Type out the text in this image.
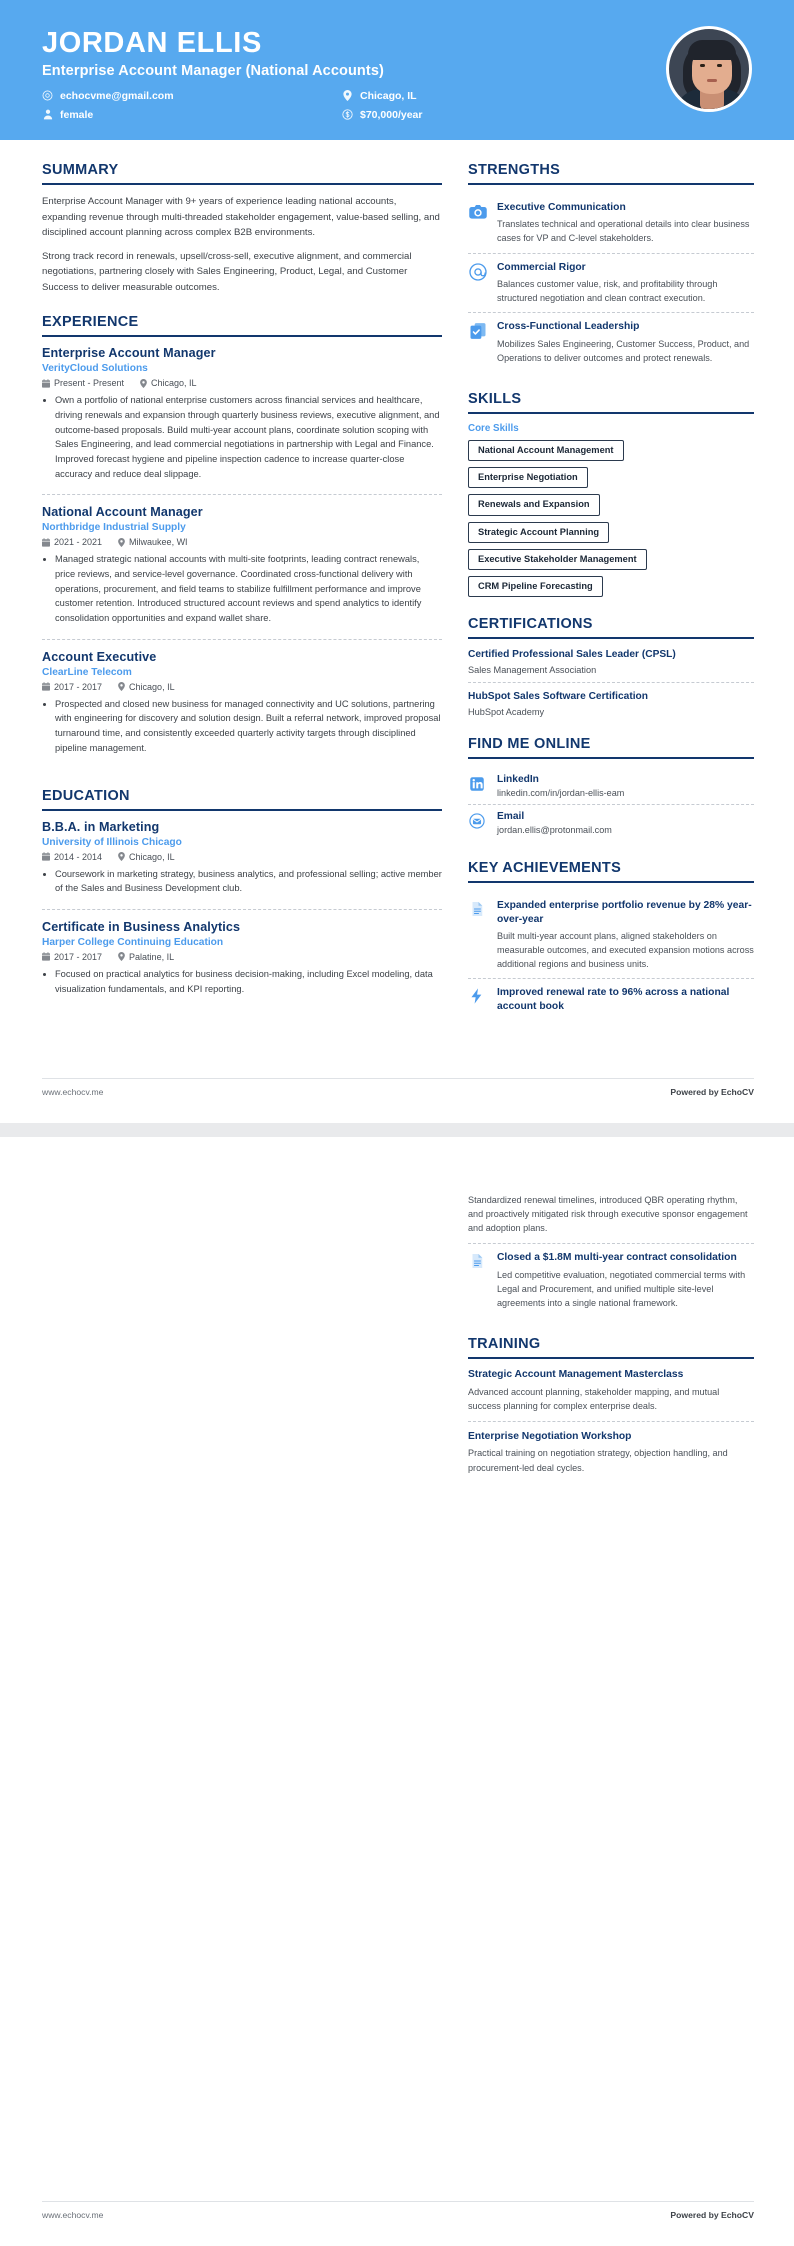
JORDAN ELLIS
Enterprise Account Manager (National Accounts)
echocvme@gmail.com	Chicago, IL
female	$70,000/year
SUMMARY
Enterprise Account Manager with 9+ years of experience leading national accounts, expanding revenue through multi-threaded stakeholder engagement, value-based selling, and disciplined account planning across complex B2B environments.
Strong track record in renewals, upsell/cross-sell, executive alignment, and commercial negotiations, partnering closely with Sales Engineering, Product, Legal, and Customer Success to deliver measurable outcomes.
EXPERIENCE
Enterprise Account Manager
VerityCloud Solutions
Present - Present	Chicago, IL
• Own a portfolio of national enterprise customers across financial services and healthcare, driving renewals and expansion through quarterly business reviews, executive alignment, and outcome-based proposals. Build multi-year account plans, coordinate solution scoping with Sales Engineering, and lead commercial negotiations in partnership with Legal and Finance. Improved forecast hygiene and pipeline inspection cadence to increase quarter-close accuracy and reduce deal slippage.
National Account Manager
Northbridge Industrial Supply
2021 - 2021	Milwaukee, WI
• Managed strategic national accounts with multi-site footprints, leading contract renewals, price reviews, and service-level governance. Coordinated cross-functional delivery with operations, procurement, and field teams to stabilize fulfillment performance and improve customer retention. Introduced structured account reviews and spend analytics to identify consolidation opportunities and expand wallet share.
Account Executive
ClearLine Telecom
2017 - 2017	Chicago, IL
• Prospected and closed new business for managed connectivity and UC solutions, partnering with engineering for discovery and solution design. Built a referral network, improved proposal turnaround time, and consistently exceeded quarterly activity targets through disciplined pipeline management.
EDUCATION
B.B.A. in Marketing
University of Illinois Chicago
2014 - 2014	Chicago, IL
• Coursework in marketing strategy, business analytics, and professional selling; active member of the Sales and Business Development club.
Certificate in Business Analytics
Harper College Continuing Education
2017 - 2017	Palatine, IL
• Focused on practical analytics for business decision-making, including Excel modeling, data visualization fundamentals, and KPI reporting.
STRENGTHS
Executive Communication
Translates technical and operational details into clear business cases for VP and C-level stakeholders.
Commercial Rigor
Balances customer value, risk, and profitability through structured negotiation and clean contract execution.
Cross-Functional Leadership
Mobilizes Sales Engineering, Customer Success, Product, and Operations to deliver outcomes and protect renewals.
SKILLS
Core Skills
National Account Management
Enterprise Negotiation
Renewals and Expansion
Strategic Account Planning
Executive Stakeholder Management
CRM Pipeline Forecasting
CERTIFICATIONS
Certified Professional Sales Leader (CPSL)
Sales Management Association
HubSpot Sales Software Certification
HubSpot Academy
FIND ME ONLINE
LinkedIn
linkedin.com/in/jordan-ellis-eam
Email
jordan.ellis@protonmail.com
KEY ACHIEVEMENTS
Expanded enterprise portfolio revenue by 28% year-over-year
Built multi-year account plans, aligned stakeholders on measurable outcomes, and executed expansion motions across additional regions and business units.
Improved renewal rate to 96% across a national account book
www.echocv.me	Powered by EchoCV
Standardized renewal timelines, introduced QBR operating rhythm, and proactively mitigated risk through executive sponsor engagement and adoption plans.
Closed a $1.8M multi-year contract consolidation
Led competitive evaluation, negotiated commercial terms with Legal and Procurement, and unified multiple site-level agreements into a single national framework.
TRAINING
Strategic Account Management Masterclass
Advanced account planning, stakeholder mapping, and mutual success planning for complex enterprise deals.
Enterprise Negotiation Workshop
Practical training on negotiation strategy, objection handling, and procurement-led deal cycles.
www.echocv.me	Powered by EchoCV
